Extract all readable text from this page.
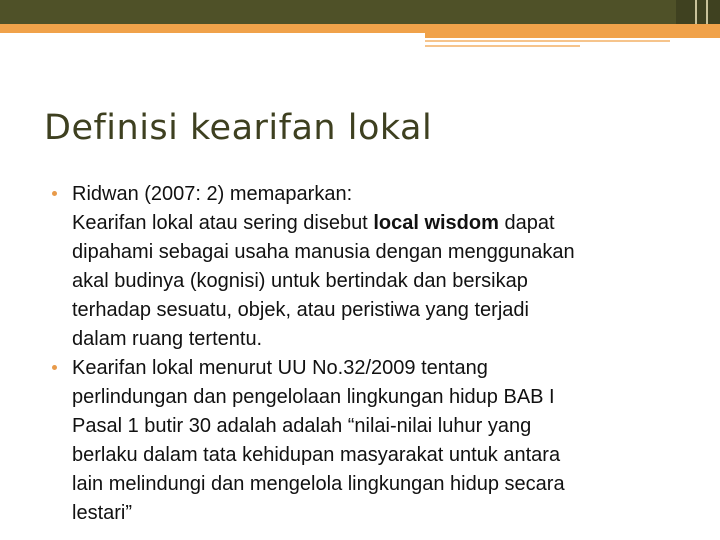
Definisi kearifan lokal
Ridwan (2007: 2) memaparkan:
Kearifan lokal atau sering disebut local wisdom dapat
dipahami sebagai usaha manusia dengan menggunakan
akal budinya (kognisi) untuk bertindak dan bersikap
terhadap sesuatu, objek, atau peristiwa yang terjadi
dalam ruang tertentu.
Kearifan lokal menurut UU No.32/2009 tentang
perlindungan dan pengelolaan lingkungan hidup BAB I
Pasal 1 butir 30 adalah adalah “nilai-nilai luhur yang
berlaku dalam tata kehidupan masyarakat untuk antara
lain melindungi dan mengelola lingkungan hidup secara
lestari”
